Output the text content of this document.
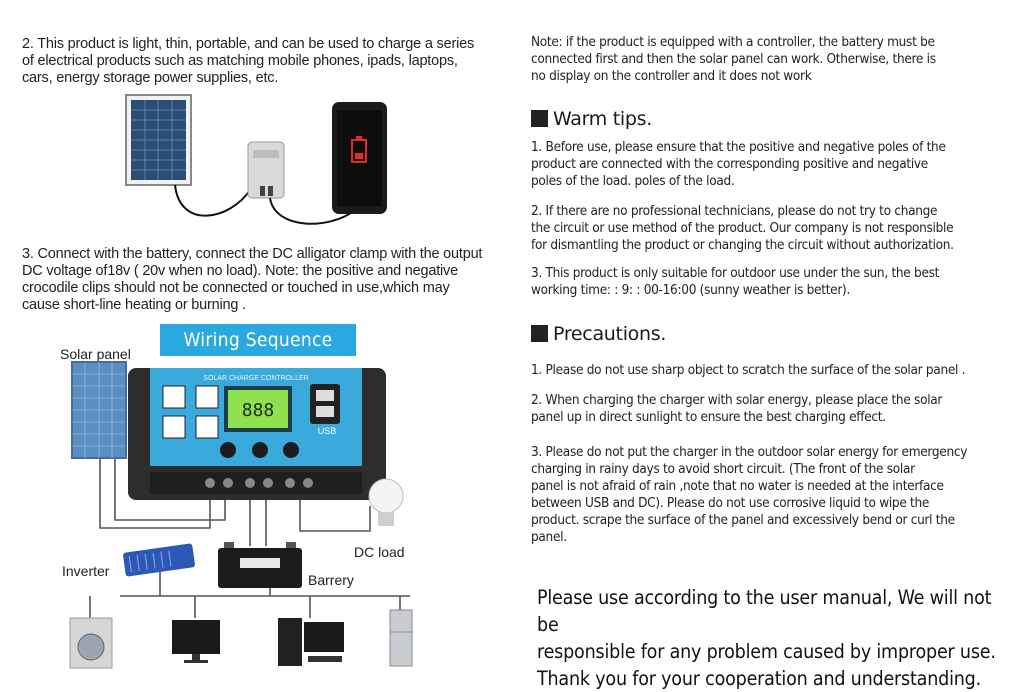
2. This product is light, thin, portable, and can be used to charge a series
of electrical products such as matching mobile phones, ipads, laptops,
cars, energy storage power supplies, etc.
3. Connect with the battery, connect the DC alligator clamp with the output
DC voltage of18v ( 20v when no load). Note: the positive and negative
crocodile clips should not be connected or touched in use,which may
cause short-line heating or burning .
Wiring Sequence
Solar panel
Inverter
Barrery
DC load
SOLAR CHARGE CONTROLLER
888
USB
Note: if the product is equipped with a controller, the battery must be
connected first and then the solar panel can work. Otherwise, there is
no display on the controller and it does not work
Warm tips.
1. Before use, please ensure that the positive and negative poles of the
product are connected with the corresponding positive and negative
poles of the load. poles of the load.
2. If there are no professional technicians, please do not try to change
the circuit or use method of the product. Our company is not responsible
for dismantling the product or changing the circuit without authorization.
3. This product is only suitable for outdoor use under the sun, the best
working time: : 9: : 00-16:00 (sunny weather is better).
Precautions.
1. Please do not use sharp object to scratch the surface of the solar panel .
2. When charging the charger with solar energy, please place the solar
panel up in direct sunlight to ensure the best charging effect.
3. Please do not put the charger in the outdoor solar energy for emergency
charging in rainy days to avoid short circuit. (The front of the solar
panel is not afraid of rain ,note that no water is needed at the interface
between USB and DC). Please do not use corrosive liquid to wipe the
product. scrape the surface of the panel and excessively bend or curl the
panel.
Please use according to the user manual, We will not be
responsible for any problem caused by improper use.
Thank you for your cooperation and understanding.
